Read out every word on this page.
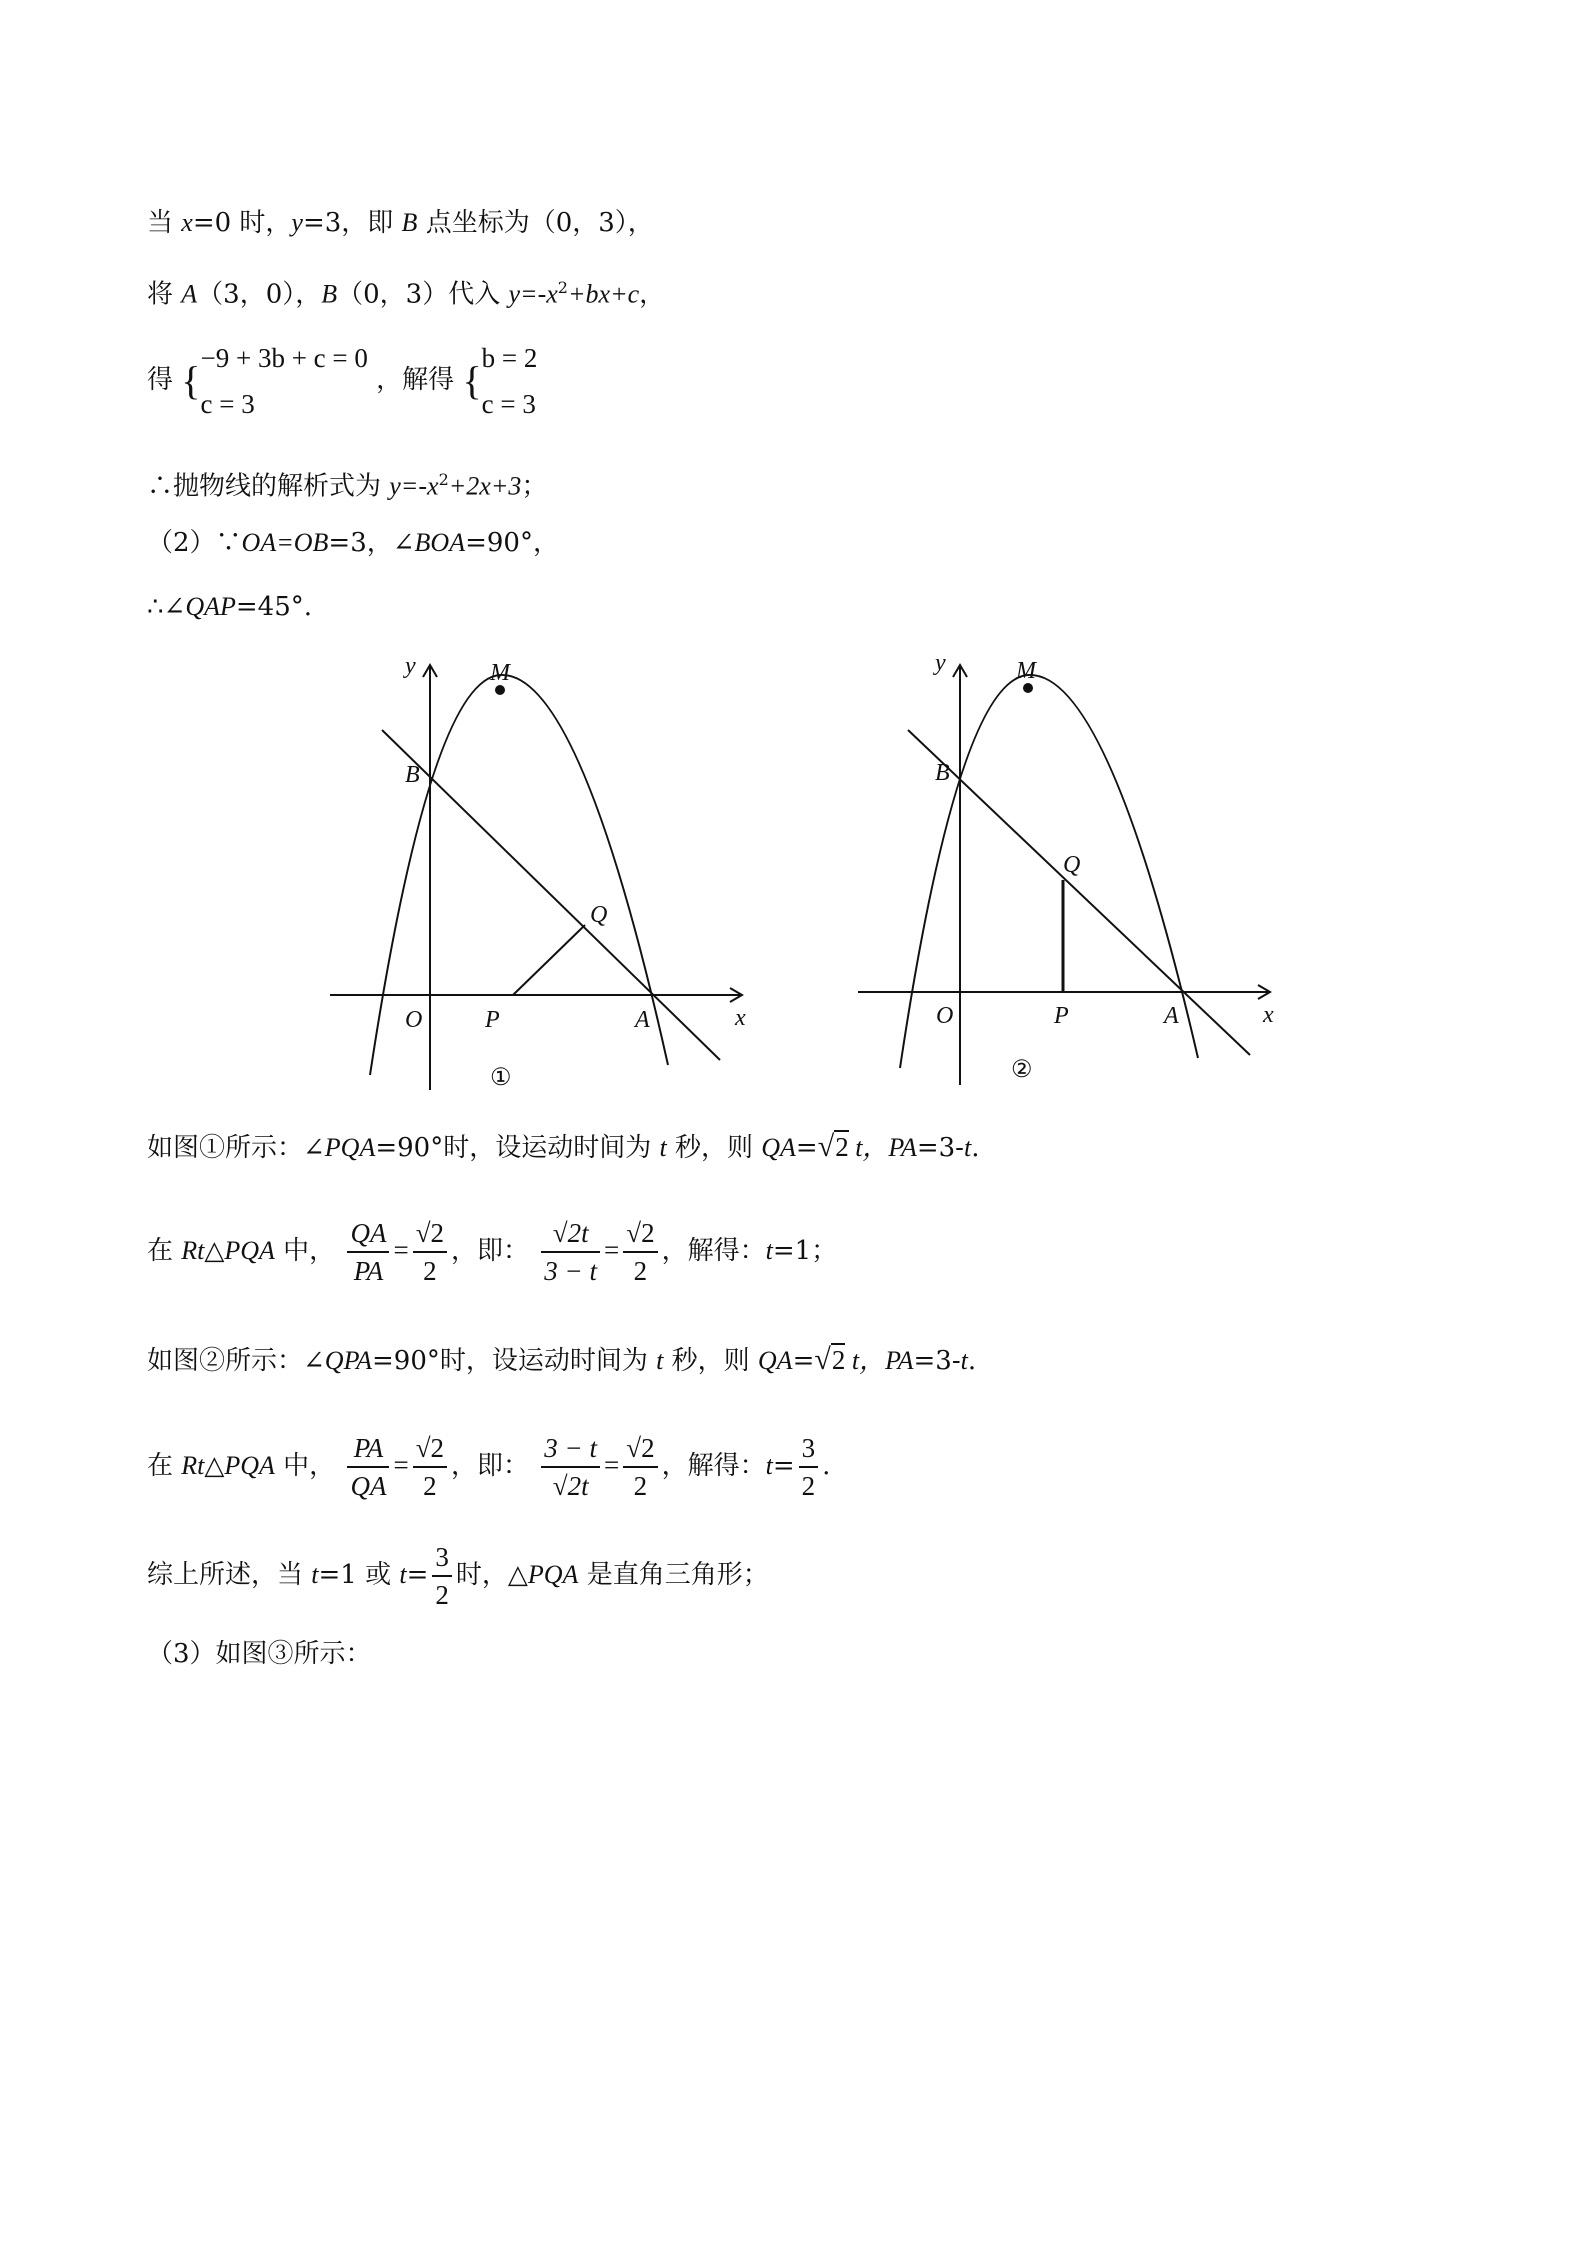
当 x=0 时，y=3，即 B 点坐标为（0，3），
将 A（3，0），B（0，3）代入 $y=-x^2+bx+c$，
得 { −9 + 3b + c = 0
c = 3
，解得 { b = 2
c = 3
∴抛物线的解析式为 $y=-x^2+2x+3$；
（2）∵OA=OB=3，∠BOA=90°，
∴∠QAP=45°.
M
y
B
O	P	A
Q
x
①
M
y
B
O	P	A
Q
x
②
如图①所示：∠PQA=90°时，设运动时间为 t 秒，则 QA=√2 t，PA=3-t.
在 Rt△PQA 中， $\frac{QA}{PA} = \frac{√2}{2}$ ，即： $\frac{√2t}{3 - t} = \frac{√2}{2}$ ，解得：t=1；
如图②所示：∠QPA=90°时，设运动时间为 t 秒，则 QA=√2 t，PA=3-t.
在 Rt△PQA 中， $\frac{PA}{QA} = \frac{√2}{2}$ ，即： $\frac{3 - t}{√2t} = \frac{√2}{2}$ ，解得：$t= \frac{3}{2}$ .
综上所述，当 t=1 或 $t= \frac{3}{2}$ 时，△PQA 是直角三角形；
（3）如图③所示：
